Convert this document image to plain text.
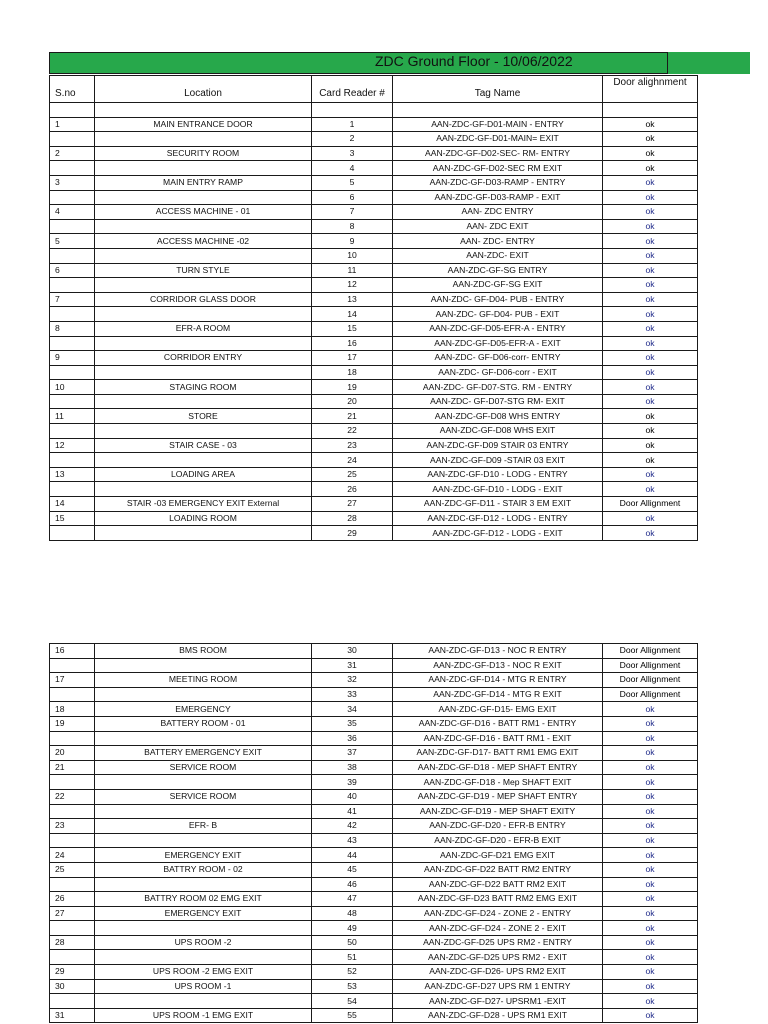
ZDC Ground Floor - 10/06/2022
S.no	Location	Card Reader #	Tag Name	Door alighnment

1	MAIN ENTRANCE DOOR	1	AAN-ZDC-GF-D01-MAIN - ENTRY	ok
		2	AAN-ZDC-GF-D01-MAIN= EXIT	ok
2	SECURITY ROOM	3	AAN-ZDC-GF-D02-SEC- RM- ENTRY	ok
		4	AAN-ZDC-GF-D02-SEC RM EXIT	ok
3	MAIN ENTRY RAMP	5	AAN-ZDC-GF-D03-RAMP - ENTRY	ok
		6	AAN-ZDC-GF-D03-RAMP - EXIT	ok
4	ACCESS MACHINE - 01	7	AAN- ZDC ENTRY	ok
		8	AAN- ZDC EXIT	ok
5	ACCESS MACHINE -02	9	AAN- ZDC- ENTRY	ok
		10	AAN-ZDC- EXIT	ok
6	TURN STYLE	11	AAN-ZDC-GF-SG ENTRY	ok
		12	AAN-ZDC-GF-SG EXIT	ok
7	CORRIDOR GLASS DOOR	13	AAN-ZDC- GF-D04- PUB - ENTRY	ok
		14	AAN-ZDC- GF-D04- PUB - EXIT	ok
8	EFR-A ROOM	15	AAN-ZDC-GF-D05-EFR-A - ENTRY	ok
		16	AAN-ZDC-GF-D05-EFR-A - EXIT	ok
9	CORRIDOR ENTRY	17	AAN-ZDC- GF-D06-corr- ENTRY	ok
		18	AAN-ZDC- GF-D06-corr - EXIT	ok
10	STAGING ROOM	19	AAN-ZDC- GF-D07-STG. RM - ENTRY	ok
		20	AAN-ZDC- GF-D07-STG RM- EXIT	ok
11	STORE	21	AAN-ZDC-GF-D08 WHS ENTRY	ok
		22	AAN-ZDC-GF-D08 WHS EXIT	ok
12	STAIR CASE - 03	23	AAN-ZDC-GF-D09 STAIR 03 ENTRY	ok
		24	AAN-ZDC-GF-D09 -STAIR 03 EXIT	ok
13	LOADING AREA	25	AAN-ZDC-GF-D10 - LODG - ENTRY	ok
		26	AAN-ZDC-GF-D10 - LODG - EXIT	ok
14	STAIR -03 EMERGENCY EXIT External	27	AAN-ZDC-GF-D11 - STAIR 3 EM EXIT	Door Allignment
15	LOADING ROOM	28	AAN-ZDC-GF-D12 - LODG - ENTRY	ok
		29	AAN-ZDC-GF-D12 - LODG - EXIT	ok
16	BMS ROOM	30	AAN-ZDC-GF-D13 - NOC R ENTRY	Door Allignment
		31	AAN-ZDC-GF-D13 - NOC R EXIT	Door Allignment
17	MEETING ROOM	32	AAN-ZDC-GF-D14 - MTG R ENTRY	Door Allignment
		33	AAN-ZDC-GF-D14 - MTG R EXIT	Door Allignment
18	EMERGENCY	34	AAN-ZDC-GF-D15- EMG EXIT	ok
19	BATTERY ROOM - 01	35	AAN-ZDC-GF-D16 - BATT RM1 - ENTRY	ok
		36	AAN-ZDC-GF-D16 - BATT RM1 - EXIT	ok
20	BATTERY EMERGENCY EXIT	37	AAN-ZDC-GF-D17- BATT RM1 EMG EXIT	ok
21	SERVICE ROOM	38	AAN-ZDC-GF-D18 - MEP SHAFT ENTRY	ok
		39	AAN-ZDC-GF-D18 - Mep SHAFT EXIT	ok
22	SERVICE ROOM	40	AAN-ZDC-GF-D19 - MEP SHAFT ENTRY	ok
		41	AAN-ZDC-GF-D19 - MEP SHAFT EXITY	ok
23	EFR- B	42	AAN-ZDC-GF-D20 - EFR-B ENTRY	ok
		43	AAN-ZDC-GF-D20 - EFR-B EXIT	ok
24	EMERGENCY EXIT	44	AAN-ZDC-GF-D21 EMG EXIT	ok
25	BATTRY ROOM - 02	45	AAN-ZDC-GF-D22 BATT RM2 ENTRY	ok
		46	AAN-ZDC-GF-D22 BATT RM2 EXIT	ok
26	BATTRY ROOM 02 EMG EXIT	47	AAN-ZDC-GF-D23 BATT RM2 EMG EXIT	ok
27	EMERGENCY EXIT	48	AAN-ZDC-GF-D24 - ZONE 2 - ENTRY	ok
		49	AAN-ZDC-GF-D24 - ZONE 2 - EXIT	ok
28	UPS ROOM -2	50	AAN-ZDC-GF-D25 UPS RM2 - ENTRY	ok
		51	AAN-ZDC-GF-D25 UPS RM2 - EXIT	ok
29	UPS ROOM -2 EMG EXIT	52	AAN-ZDC-GF-D26- UPS RM2 EXIT	ok
30	UPS ROOM -1	53	AAN-ZDC-GF-D27 UPS RM 1 ENTRY	ok
		54	AAN-ZDC-GF-D27- UPSRM1 -EXIT	ok
31	UPS ROOM -1 EMG EXIT	55	AAN-ZDC-GF-D28 - UPS RM1 EXIT	ok
